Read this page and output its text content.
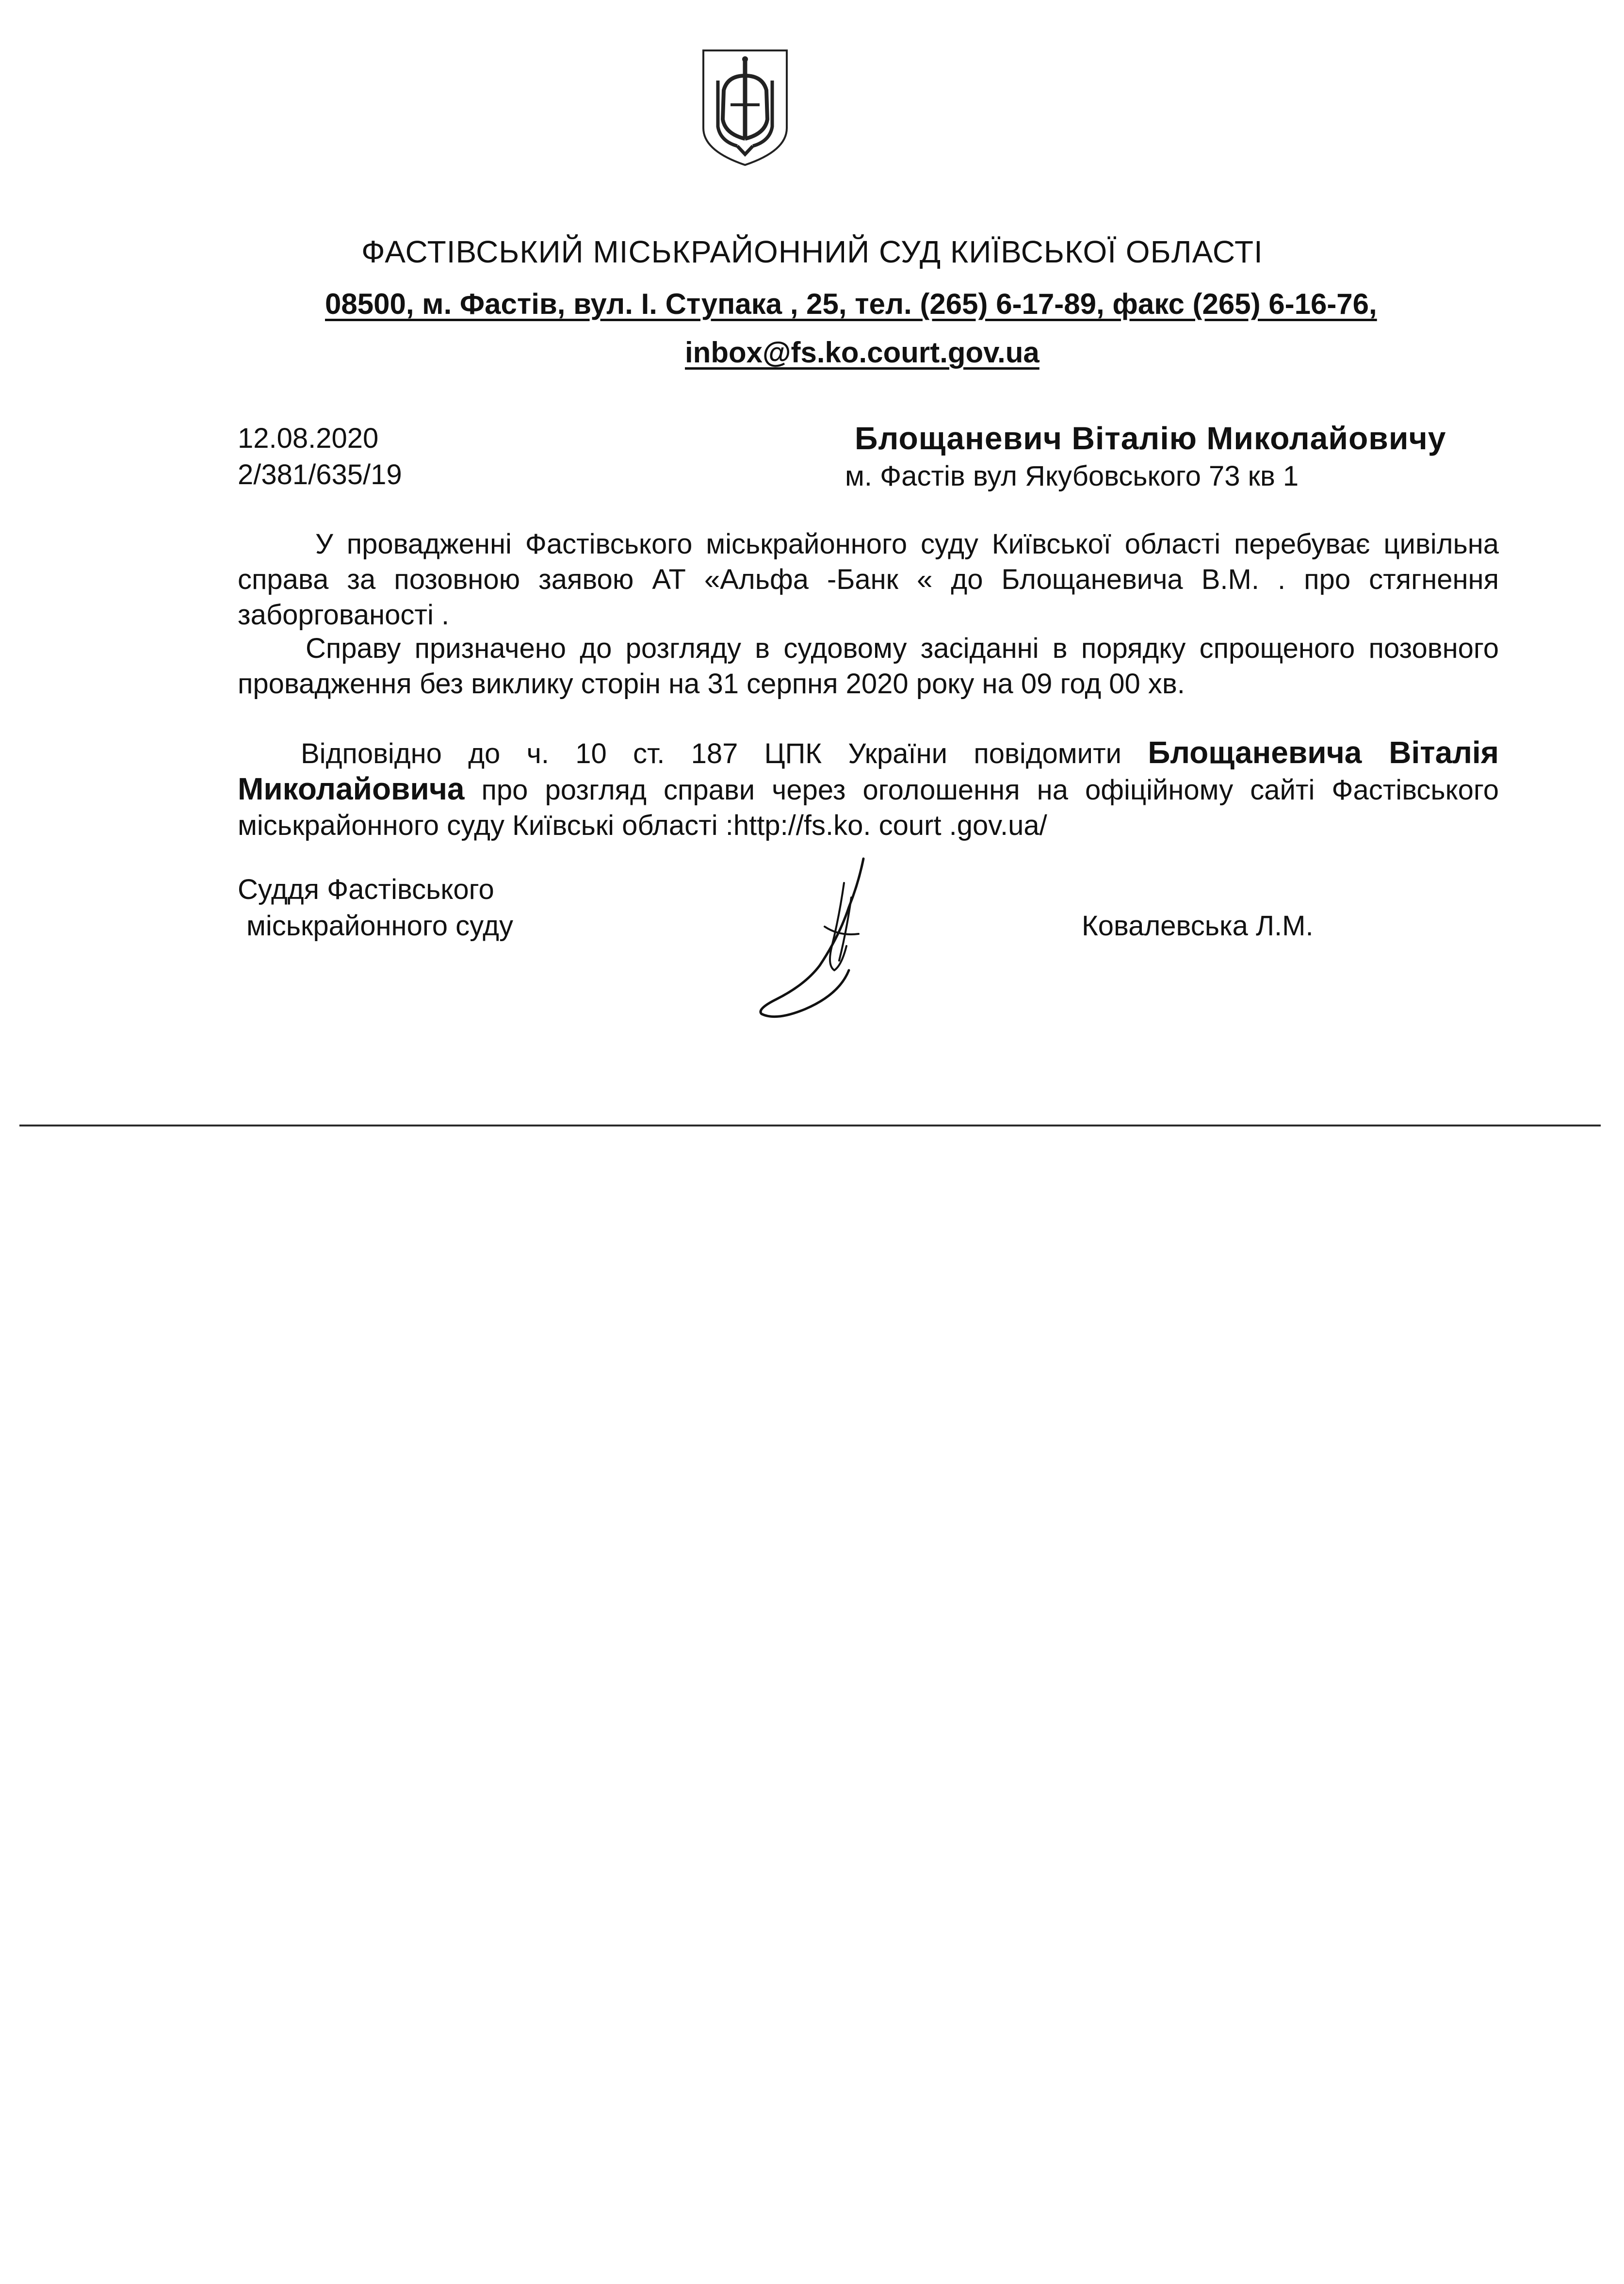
ФАСТІВСЬКИЙ МІСЬКРАЙОННИЙ СУД КИЇВСЬКОЇ ОБЛАСТІ
08500, м. Фастів, вул. І. Ступака , 25, тел. (265) 6-17-89, факс (265) 6-16-76,
inbox@fs.ko.court.gov.ua
12.08.2020
2/381/635/19
Блощаневич Віталію Миколайовичу
м. Фастів вул Якубовського 73 кв 1
У провадженні Фастівського міськрайонного суду Київської області перебуває цивільна справа за позовною заявою АТ «Альфа -Банк « до Блощаневича В.М. . про стягнення заборгованості .
Справу призначено до розгляду в судовому засіданні в порядку спрощеного позовного провадження без виклику сторін на 31 серпня 2020 року на 09 год 00 хв.
Відповідно до ч. 10 ст. 187 ЦПК України повідомити Блощаневича Віталія Миколайовича про розгляд справи через оголошення на офіційному сайті Фастівського міськрайонного суду Київські області :http://fs.ko. court .gov.ua/
Суддя Фастівського
міськрайонного суду	Ковалевська Л.М.
